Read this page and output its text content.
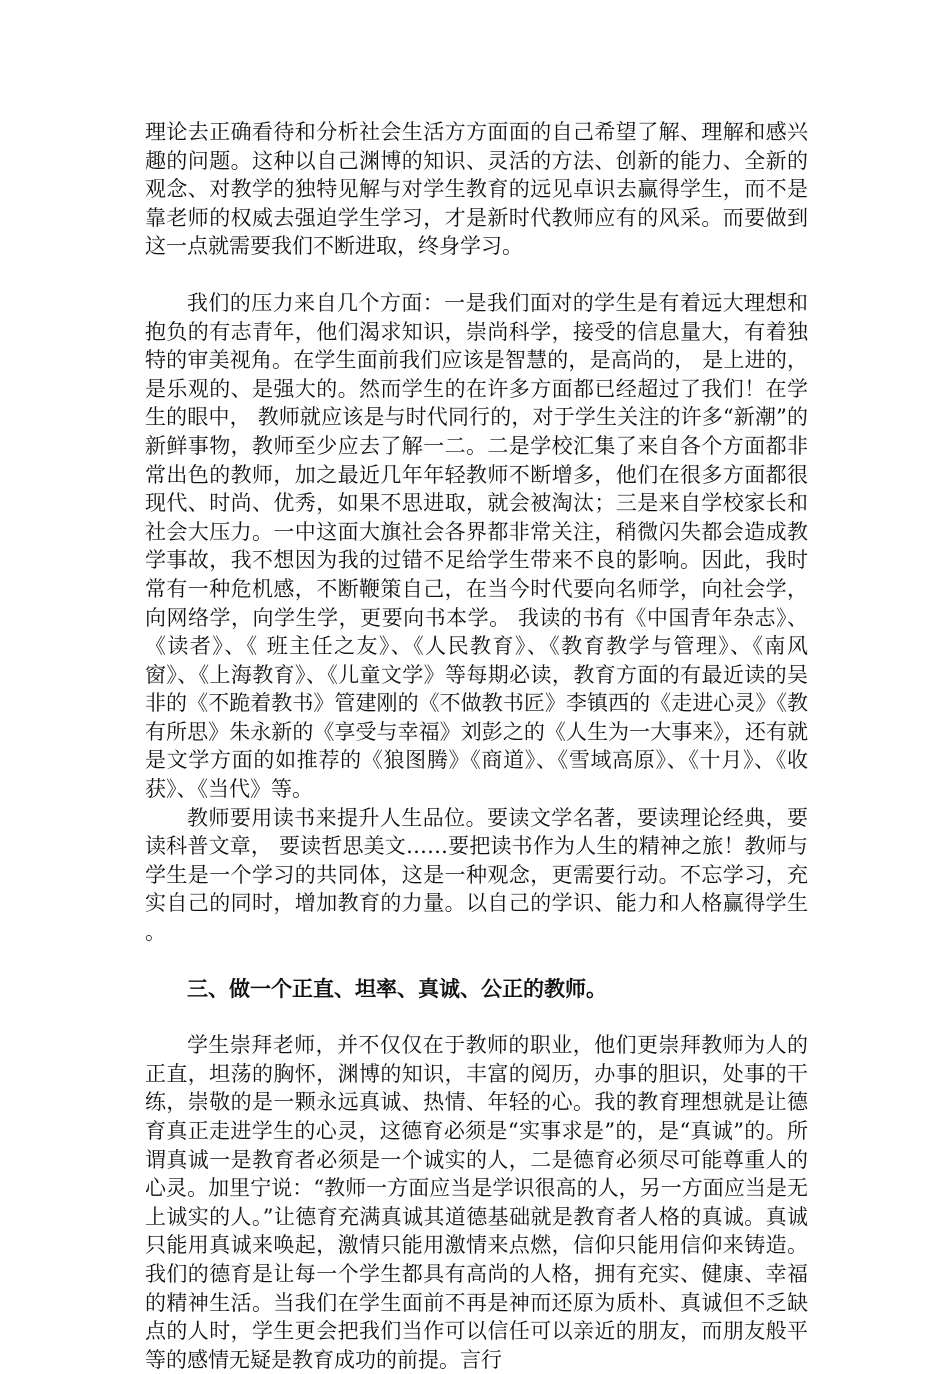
理论去正确看待和分析社会生活方方面面的自己希望了解、理解和感兴趣的问题。这种以自己渊博的知识、灵活的方法、创新的能力、全新的观念、对教学的独特见解与对学生教育的远见卓识去赢得学生，而不是靠老师的权威去强迫学生学习，才是新时代教师应有的风采。而要做到这一点就需要我们不断进取，终身学习。

我们的压力来自几个方面：一是我们面对的学生是有着远大理想和抱负的有志青年，他们渴求知识，崇尚科学，接受的信息量大，有着独特的审美视角。在学生面前我们应该是智慧的，是高尚的， 是上进的，是乐观的、是强大的。然而学生的在许多方面都已经超过了我们！在学生的眼中， 教师就应该是与时代同行的，对于学生关注的许多“新潮”的新鲜事物，教师至少应去了解一二。二是学校汇集了来自各个方面都非常出色的教师，加之最近几年年轻教师不断增多，他们在很多方面都很现代、时尚、优秀，如果不思进取，就会被淘汰；三是来自学校家长和社会大压力。一中这面大旗社会各界都非常关注，稍微闪失都会造成教学事故，我不想因为我的过错不足给学生带来不良的影响。因此，我时常有一种危机感，不断鞭策自己，在当今时代要向名师学，向社会学，向网络学，向学生学，更要向书本学。 我读的书有《中国青年杂志》、《读者》、《 班主任之友》、《人民教育》、《教育教学与管理》、《南风窗》、《上海教育》、《儿童文学》等每期必读，教育方面的有最近读的吴非的《不跪着教书》管建刚的《不做教书匠》李镇西的《走进心灵》《教有所思》朱永新的《享受与幸福》刘彭之的《人生为一大事来》，还有就是文学方面的如推荐的《狼图腾》《商道》、《雪域高原》、《十月》、《收获》、《当代》等。

教师要用读书来提升人生品位。要读文学名著，要读理论经典，要读科普文章， 要读哲思美文……要把读书作为人生的精神之旅！教师与学生是一个学习的共同体，这是一种观念，更需要行动。不忘学习，充实自己的同时，增加教育的力量。以自己的学识、能力和人格赢得学生 。

三、做一个正直、坦率、真诚、公正的教师。

学生崇拜老师，并不仅仅在于教师的职业，他们更崇拜教师为人的正直，坦荡的胸怀，渊博的知识，丰富的阅历，办事的胆识，处事的干练，崇敬的是一颗永远真诚、热情、年轻的心。我的教育理想就是让德育真正走进学生的心灵，这德育必须是“实事求是”的，是“真诚”的。所谓真诚一是教育者必须是一个诚实的人，二是德育必须尽可能尊重人的心灵。加里宁说：“教师一方面应当是学识很高的人，另一方面应当是无上诚实的人。”让德育充满真诚其道德基础就是教育者人格的真诚。真诚只能用真诚来唤起，激情只能用激情来点燃，信仰只能用信仰来铸造。我们的德育是让每一个学生都具有高尚的人格，拥有充实、健康、幸福的精神生活。当我们在学生面前不再是神而还原为质朴、真诚但不乏缺点的人时，学生更会把我们当作可以信任可以亲近的朋友，而朋友般平等的感情无疑是教育成功的前提。言行
